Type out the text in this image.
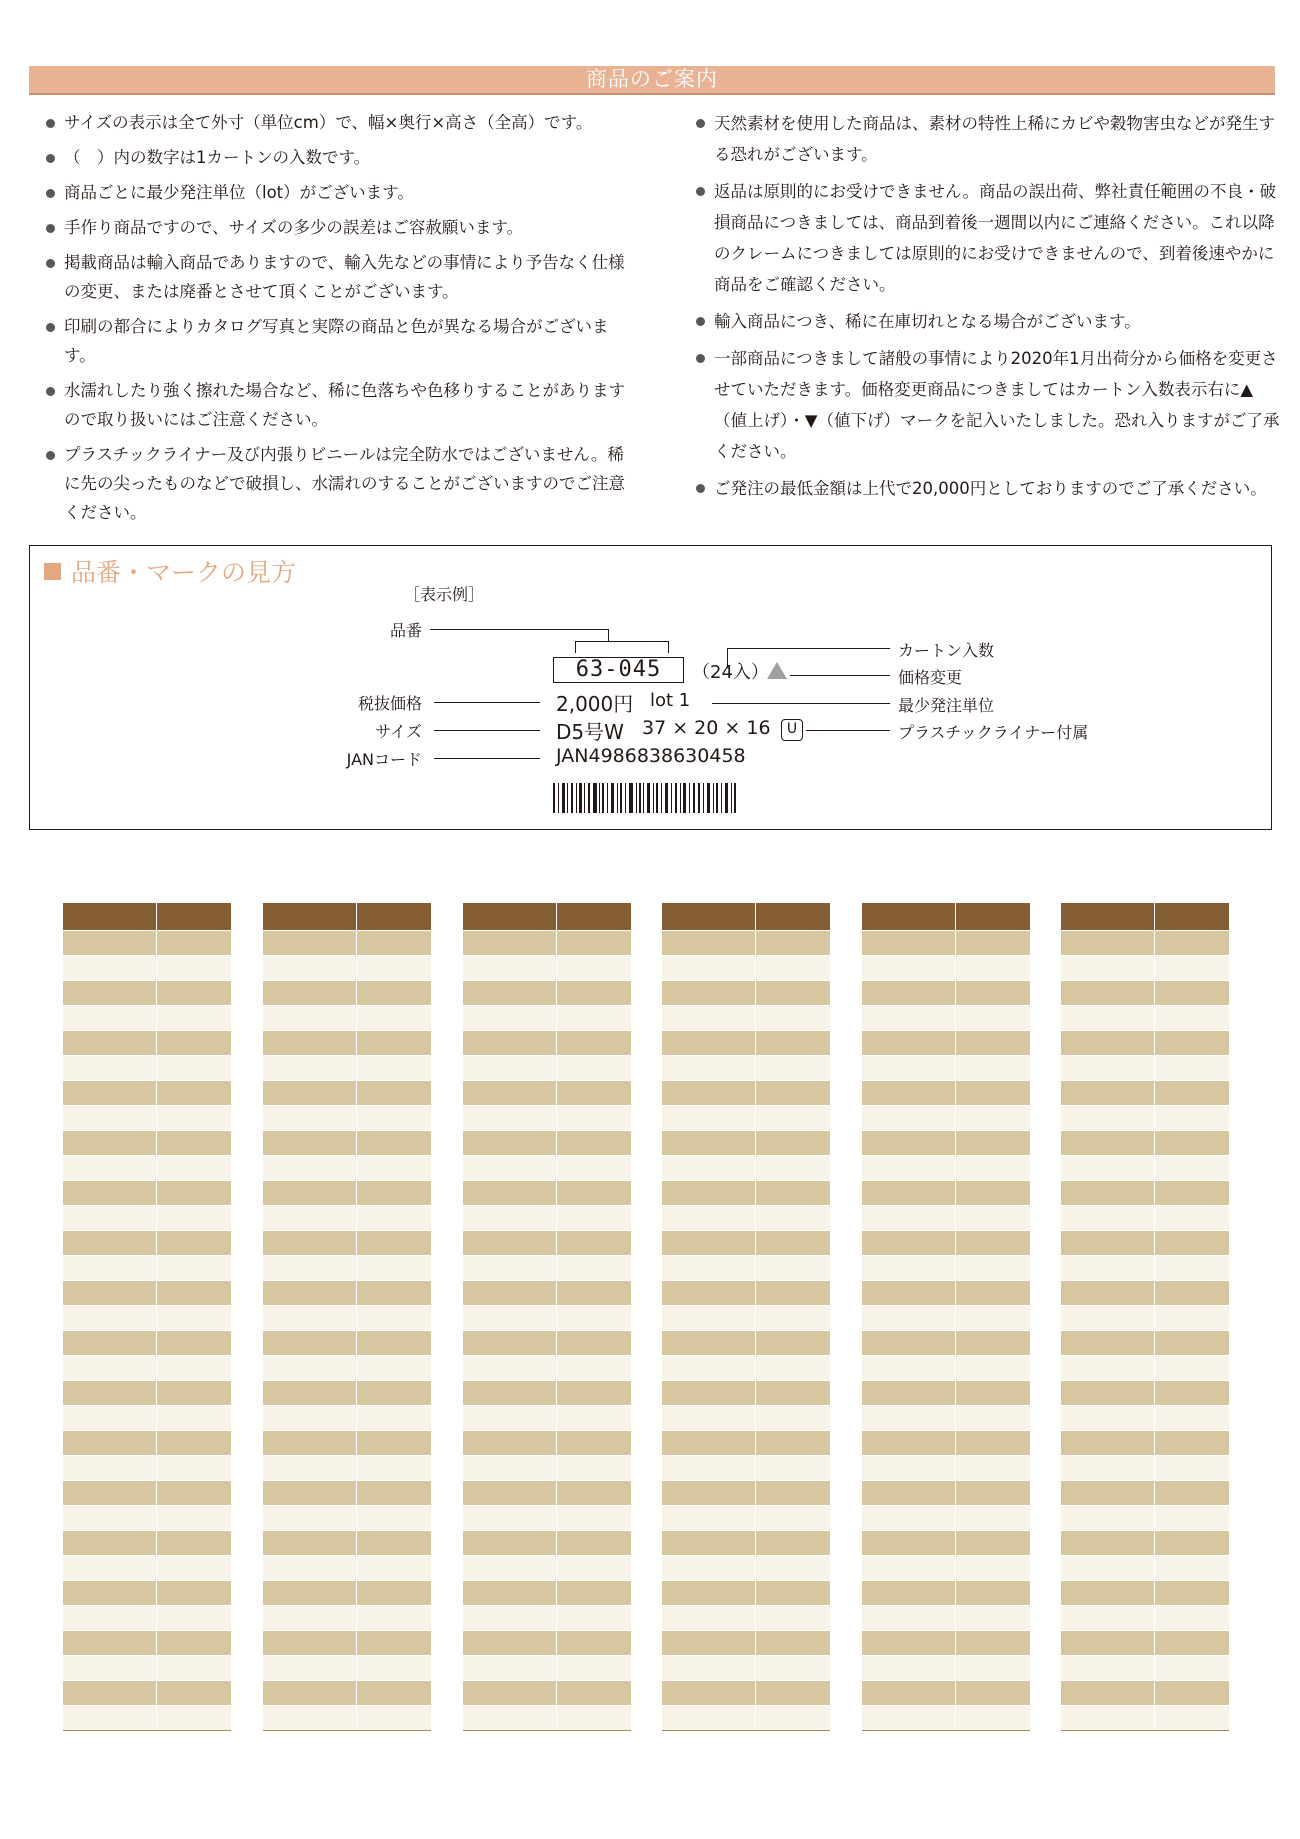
商品のご案内
サイズの表示は全て外寸（単位cm）で、幅×奥行×高さ（全高）です。
（　）内の数字は1カートンの入数です。
商品ごとに最少発注単位（lot）がございます。
手作り商品ですので、サイズの多少の誤差はご容赦願います。
掲載商品は輸入商品でありますので、輸入先などの事情により予告なく仕様の変更、または廃番とさせて頂くことがございます。
印刷の都合によりカタログ写真と実際の商品と色が異なる場合がございます。
水濡れしたり強く擦れた場合など、稀に色落ちや色移りすることがありますので取り扱いにはご注意ください。
プラスチックライナー及び内張りビニールは完全防水ではございません。稀に先の尖ったものなどで破損し、水濡れのすることがございますのでご注意ください。
天然素材を使用した商品は、素材の特性上稀にカビや穀物害虫などが発生する恐れがございます。
返品は原則的にお受けできません。商品の誤出荷、弊社責任範囲の不良・破損商品につきましては、商品到着後一週間以内にご連絡ください。これ以降のクレームにつきましては原則的にお受けできませんので、到着後速やかに商品をご確認ください。
輸入商品につき、稀に在庫切れとなる場合がございます。
一部商品につきまして諸般の事情により2020年1月出荷分から価格を変更させていただきます。価格変更商品につきましてはカートン入数表示右に▲（値上げ）・▼（値下げ）マークを記入いたしました。恐れ入りますがご了承ください。
ご発注の最低金額は上代で20,000円としておりますのでご了承ください。
品番・マークの見方
［表示例］
品番
税抜価格
サイズ
JANコード
63-045	（24入）
2,000円 lot 1
D5号W 37 × 20 × 16	U
JAN4986838630458
カートン入数
価格変更
最少発注単位
プラスチックライナー付属
